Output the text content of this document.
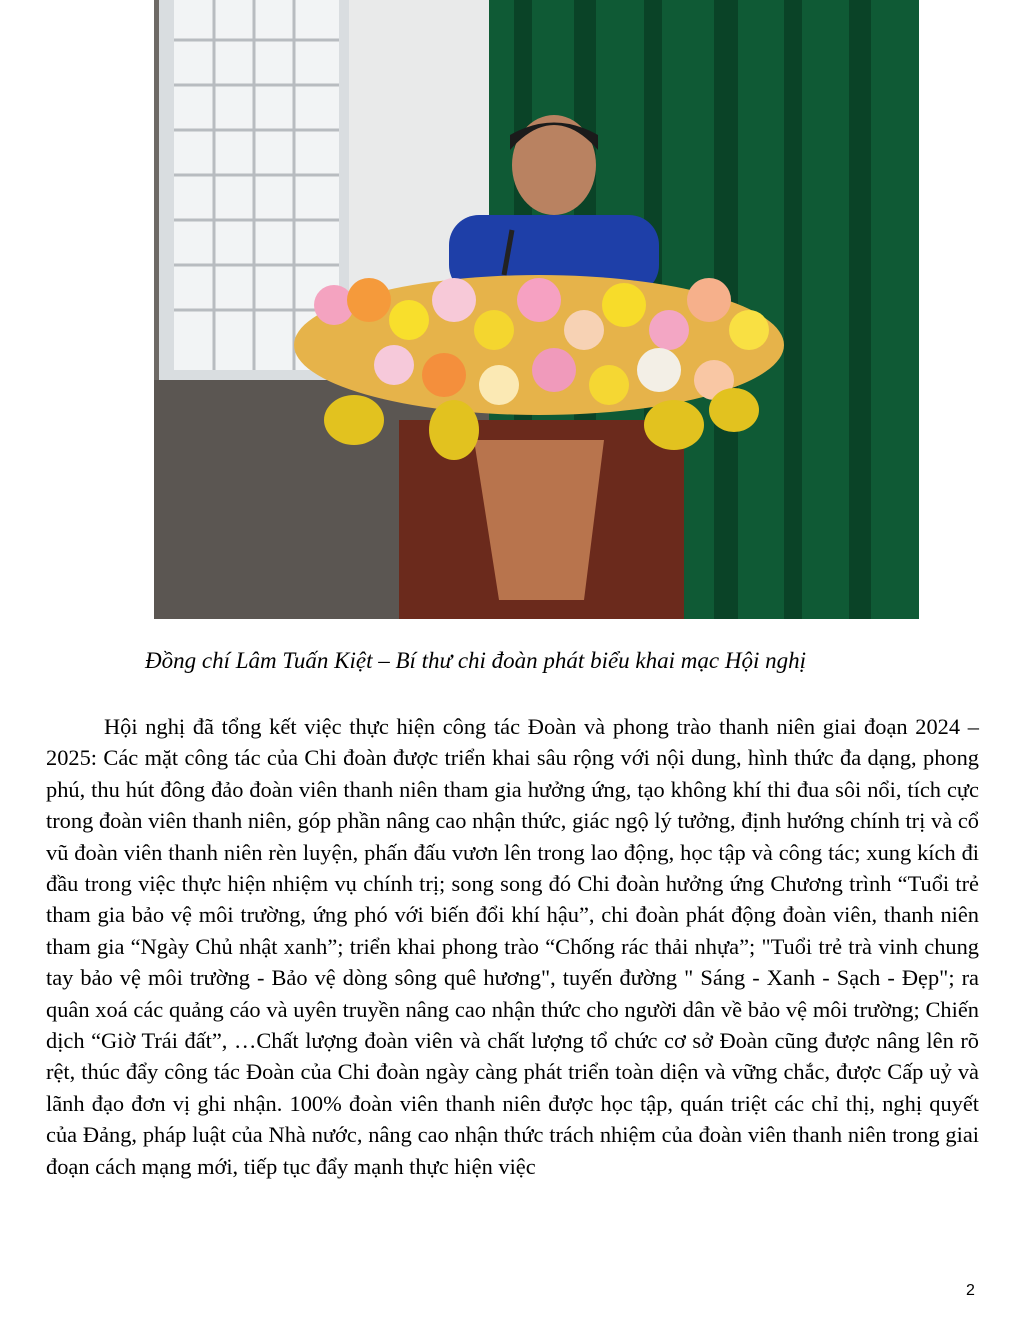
Đồng chí Lâm Tuấn Kiệt – Bí thư chi đoàn phát biểu khai mạc Hội nghị

Hội nghị đã tổng kết việc thực hiện công tác Đoàn và phong trào thanh niên giai đoạn 2024 – 2025: Các mặt công tác của Chi đoàn được triển khai sâu rộng với nội dung, hình thức đa dạng, phong phú, thu hút đông đảo đoàn viên thanh niên tham gia hưởng ứng, tạo không khí thi đua sôi nổi, tích cực trong đoàn viên thanh niên, góp phần nâng cao nhận thức, giác ngộ lý tưởng, định hướng chính trị và cổ vũ đoàn viên thanh niên rèn luyện, phấn đấu vươn lên trong lao động, học tập và công tác; xung kích đi đầu trong việc thực hiện nhiệm vụ chính trị; song song đó Chi đoàn hưởng ứng Chương trình “Tuổi trẻ tham gia bảo vệ môi trường, ứng phó với biến đổi khí hậu”, chi đoàn phát động đoàn viên, thanh niên tham gia “Ngày Chủ nhật xanh”; triển khai phong trào “Chống rác thải nhựa”; "Tuổi trẻ trà vinh chung tay bảo vệ môi trường - Bảo vệ dòng sông quê hương", tuyến đường " Sáng - Xanh - Sạch - Đẹp"; ra quân xoá các quảng cáo và uyên truyền nâng cao nhận thức cho người dân về bảo vệ môi trường; Chiến dịch “Giờ Trái đất”, …Chất lượng đoàn viên và chất lượng tổ chức cơ sở Đoàn cũng được nâng lên rõ rệt, thúc đẩy công tác Đoàn của Chi đoàn ngày càng phát triển toàn diện và vững chắc, được Cấp uỷ và lãnh đạo đơn vị ghi nhận. 100% đoàn viên thanh niên được học tập, quán triệt các chỉ thị, nghị quyết của Đảng, pháp luật của Nhà nước, nâng cao nhận thức trách nhiệm của đoàn viên thanh niên trong giai đoạn cách mạng mới, tiếp tục đẩy mạnh thực hiện việc

2
